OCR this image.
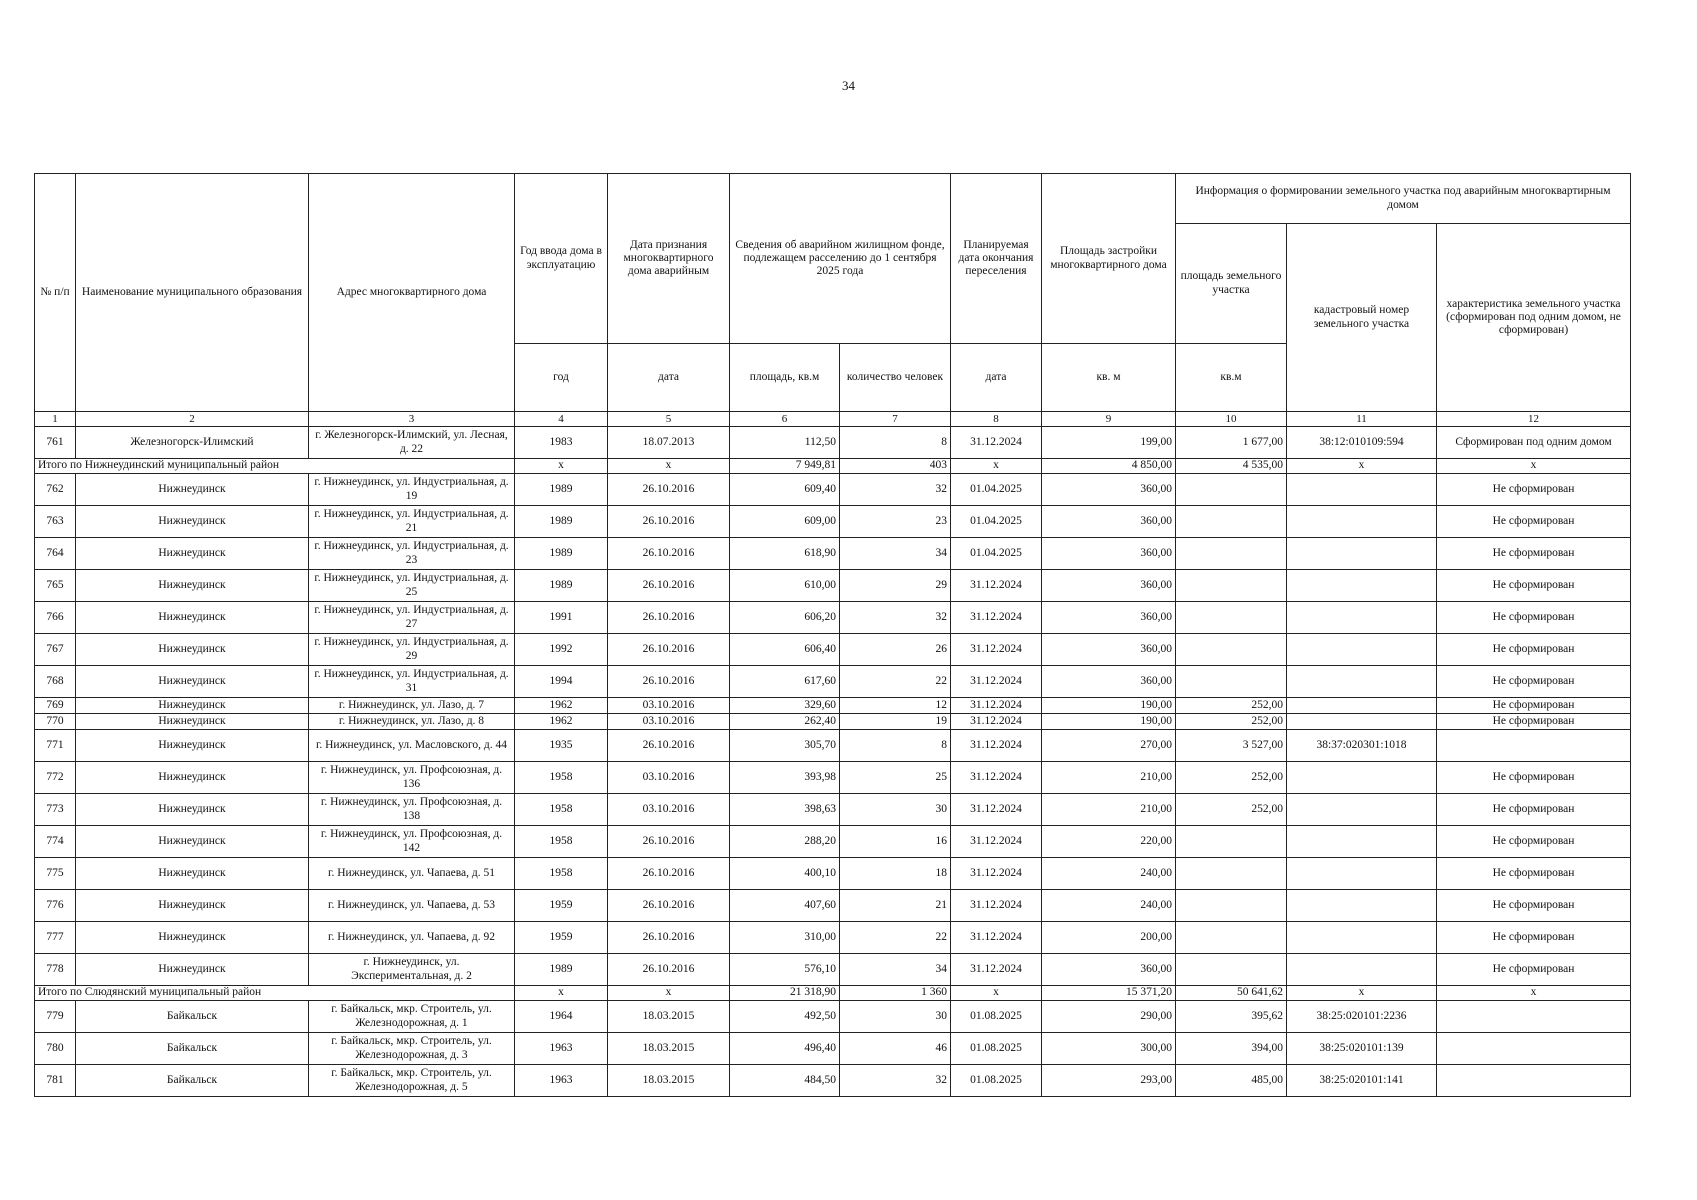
34
№ п/п	Наименование муниципального образования	Адрес многоквартирного дома	Год ввода дома в эксплуатацию	Дата признания многоквартирного дома аварийным	Сведения об аварийном жилищном фонде, подлежащем расселению до 1 сентября 2025 года		Планируемая дата окончания переселения	Площадь застройки многоквартирного дома	Информация о формировании земельного участка под аварийным многоквартирным домом		
									площадь земельного участка	кадастровый номер земельного участка	характеристика земельного участка (сформирован под одним домом, не сформирован)
			год	дата	площадь, кв.м	количество человек	дата	кв. м	кв.м		
1	2	3	4	5	6	7	8	9	10	11	12
761	Железногорск-Илимский	г. Железногорск-Илимский, ул. Лесная, д. 22	1983	18.07.2013	112,50	8	31.12.2024	199,00	1 677,00	38:12:010109:594	Сформирован под одним домом
Итого по Нижнеудинский муниципальный район			x	x	7 949,81	403	x	4 850,00	4 535,00	x	x
762	Нижнеудинск	г. Нижнеудинск, ул. Индустриальная, д. 19	1989	26.10.2016	609,40	32	01.04.2025	360,00			Не сформирован
763	Нижнеудинск	г. Нижнеудинск, ул. Индустриальная, д. 21	1989	26.10.2016	609,00	23	01.04.2025	360,00			Не сформирован
764	Нижнеудинск	г. Нижнеудинск, ул. Индустриальная, д. 23	1989	26.10.2016	618,90	34	01.04.2025	360,00			Не сформирован
765	Нижнеудинск	г. Нижнеудинск, ул. Индустриальная, д. 25	1989	26.10.2016	610,00	29	31.12.2024	360,00			Не сформирован
766	Нижнеудинск	г. Нижнеудинск, ул. Индустриальная, д. 27	1991	26.10.2016	606,20	32	31.12.2024	360,00			Не сформирован
767	Нижнеудинск	г. Нижнеудинск, ул. Индустриальная, д. 29	1992	26.10.2016	606,40	26	31.12.2024	360,00			Не сформирован
768	Нижнеудинск	г. Нижнеудинск, ул. Индустриальная, д. 31	1994	26.10.2016	617,60	22	31.12.2024	360,00			Не сформирован
769	Нижнеудинск	г. Нижнеудинск, ул. Лазо, д. 7	1962	03.10.2016	329,60	12	31.12.2024	190,00	252,00		Не сформирован
770	Нижнеудинск	г. Нижнеудинск, ул. Лазо, д. 8	1962	03.10.2016	262,40	19	31.12.2024	190,00	252,00		Не сформирован
771	Нижнеудинск	г. Нижнеудинск, ул. Масловского, д. 44	1935	26.10.2016	305,70	8	31.12.2024	270,00	3 527,00	38:37:020301:1018	
772	Нижнеудинск	г. Нижнеудинск, ул. Профсоюзная, д. 136	1958	03.10.2016	393,98	25	31.12.2024	210,00	252,00		Не сформирован
773	Нижнеудинск	г. Нижнеудинск, ул. Профсоюзная, д. 138	1958	03.10.2016	398,63	30	31.12.2024	210,00	252,00		Не сформирован
774	Нижнеудинск	г. Нижнеудинск, ул. Профсоюзная, д. 142	1958	26.10.2016	288,20	16	31.12.2024	220,00			Не сформирован
775	Нижнеудинск	г. Нижнеудинск, ул. Чапаева, д. 51	1958	26.10.2016	400,10	18	31.12.2024	240,00			Не сформирован
776	Нижнеудинск	г. Нижнеудинск, ул. Чапаева, д. 53	1959	26.10.2016	407,60	21	31.12.2024	240,00			Не сформирован
777	Нижнеудинск	г. Нижнеудинск, ул. Чапаева, д. 92	1959	26.10.2016	310,00	22	31.12.2024	200,00			Не сформирован
778	Нижнеудинск	г. Нижнеудинск, ул. Экспериментальная, д. 2	1989	26.10.2016	576,10	34	31.12.2024	360,00			Не сформирован
Итого по Слюдянский муниципальный район			x	x	21 318,90	1 360	x	15 371,20	50 641,62	x	x
779	Байкальск	г. Байкальск, мкр. Строитель, ул. Железнодорожная, д. 1	1964	18.03.2015	492,50	30	01.08.2025	290,00	395,62	38:25:020101:2236	
780	Байкальск	г. Байкальск, мкр. Строитель, ул. Железнодорожная, д. 3	1963	18.03.2015	496,40	46	01.08.2025	300,00	394,00	38:25:020101:139	
781	Байкальск	г. Байкальск, мкр. Строитель, ул. Железнодорожная, д. 5	1963	18.03.2015	484,50	32	01.08.2025	293,00	485,00	38:25:020101:141	
